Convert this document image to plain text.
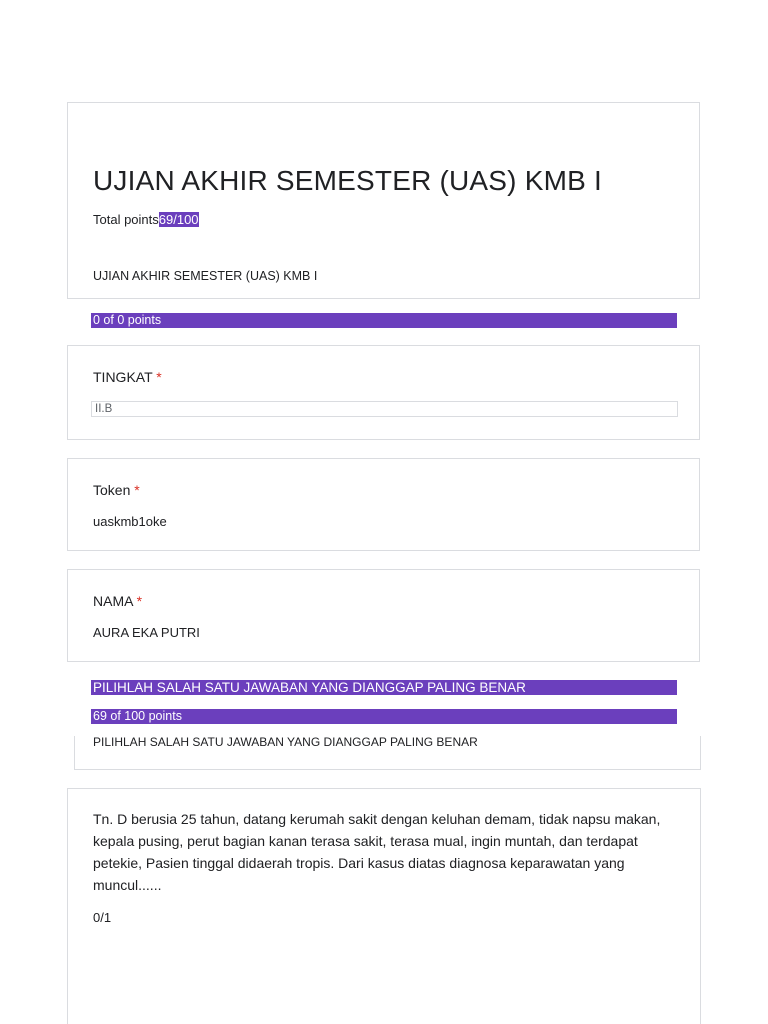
UJIAN AKHIR SEMESTER (UAS) KMB I
Total points69/100
UJIAN AKHIR SEMESTER (UAS) KMB I
0 of 0 points
TINGKAT *
II.B
Token *
uaskmb1oke
NAMA *
AURA EKA PUTRI
PILIHLAH SALAH SATU JAWABAN YANG DIANGGAP PALING BENAR
69 of 100 points
PILIHLAH SALAH SATU JAWABAN YANG DIANGGAP PALING BENAR
Tn. D berusia 25 tahun, datang kerumah sakit dengan keluhan demam, tidak napsu makan, kepala pusing, perut bagian kanan terasa sakit, terasa mual, ingin muntah, dan terdapat petekie, Pasien tinggal didaerah tropis. Dari kasus diatas diagnosa keparawatan yang muncul......
0/1
